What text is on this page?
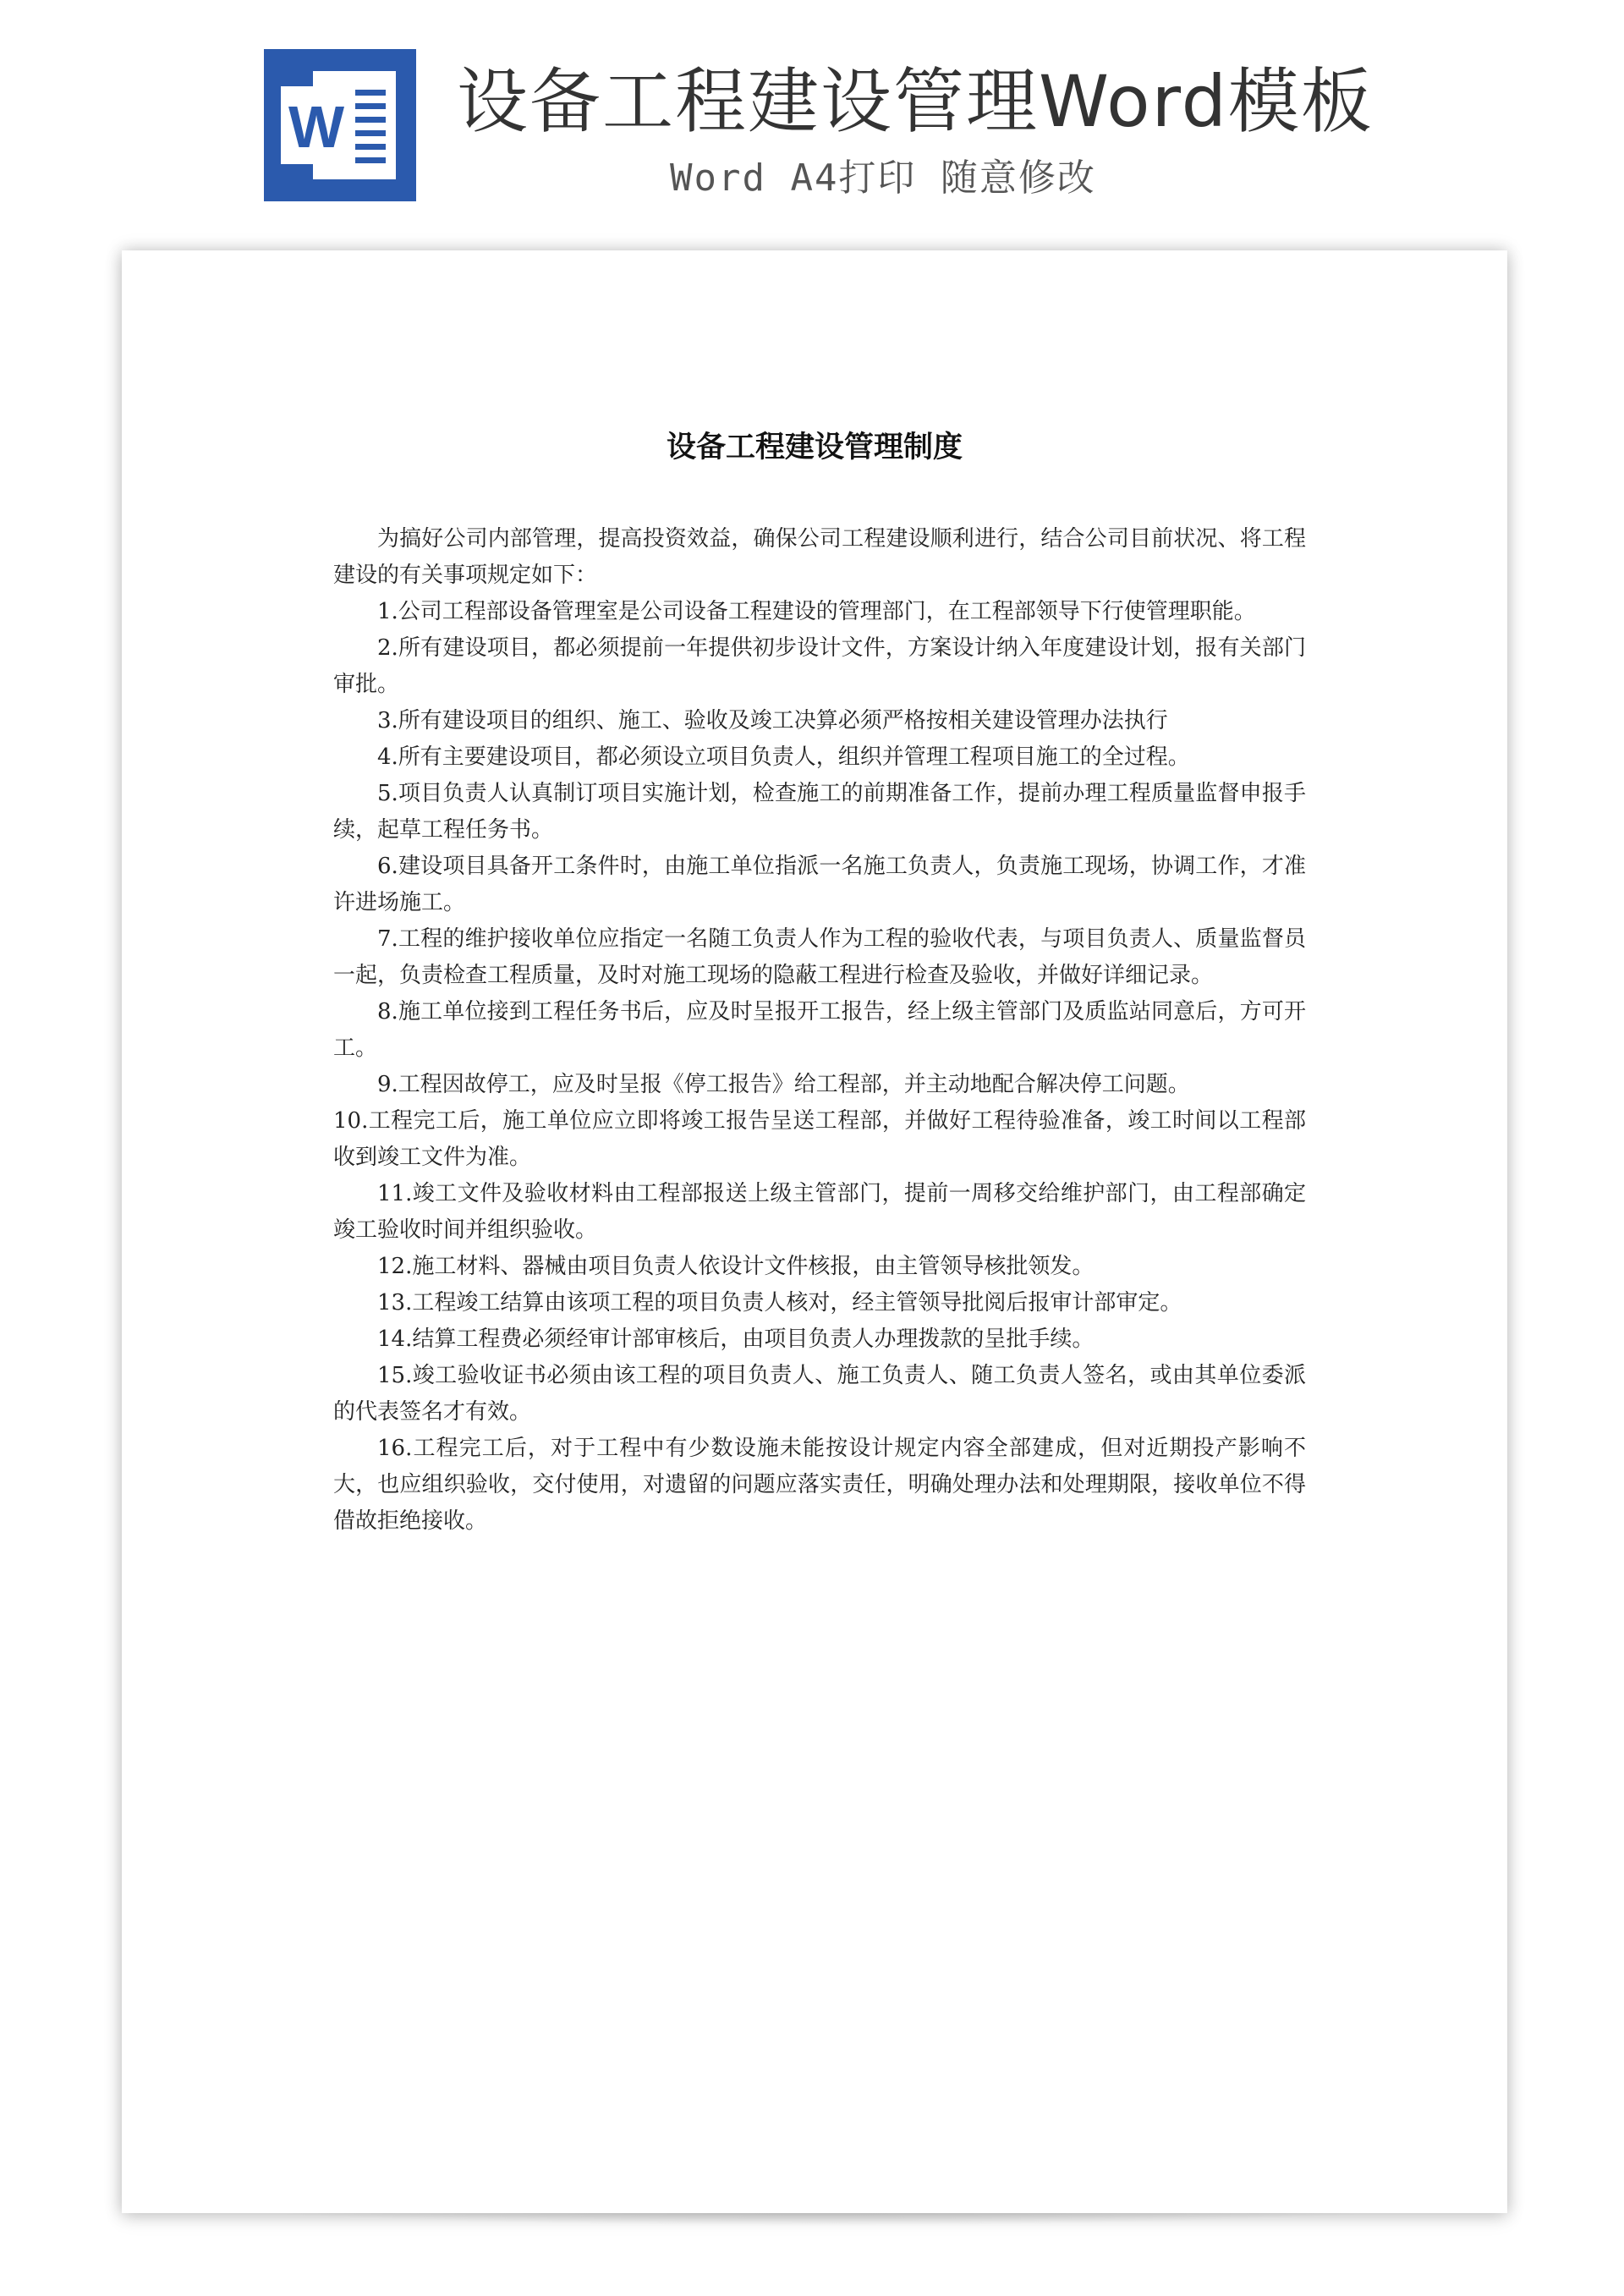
W 设备工程建设管理Word模板
Word A4打印 随意修改
设备工程建设管理制度

为搞好公司内部管理，提高投资效益，确保公司工程建设顺利进行，结合公司目前状况、将工程建设的有关事项规定如下：

1.公司工程部设备管理室是公司设备工程建设的管理部门，在工程部领导下行使管理职能。

2.所有建设项目，都必须提前一年提供初步设计文件，方案设计纳入年度建设计划，报有关部门审批。

3.所有建设项目的组织、施工、验收及竣工决算必须严格按相关建设管理办法执行

4.所有主要建设项目，都必须设立项目负责人，组织并管理工程项目施工的全过程。

5.项目负责人认真制订项目实施计划，检查施工的前期准备工作，提前办理工程质量监督申报手续，起草工程任务书。

6.建设项目具备开工条件时，由施工单位指派一名施工负责人，负责施工现场，协调工作，才准许进场施工。

7.工程的维护接收单位应指定一名随工负责人作为工程的验收代表，与项目负责人、质量监督员一起，负责检查工程质量，及时对施工现场的隐蔽工程进行检查及验收，并做好详细记录。

8.施工单位接到工程任务书后，应及时呈报开工报告，经上级主管部门及质监站同意后，方可开工。

9.工程因故停工，应及时呈报《停工报告》给工程部，并主动地配合解决停工问题。

10.工程完工后，施工单位应立即将竣工报告呈送工程部，并做好工程待验准备，竣工时间以工程部收到竣工文件为准。

11.竣工文件及验收材料由工程部报送上级主管部门，提前一周移交给维护部门，由工程部确定竣工验收时间并组织验收。

12.施工材料、器械由项目负责人依设计文件核报，由主管领导核批领发。

13.工程竣工结算由该项工程的项目负责人核对，经主管领导批阅后报审计部审定。

14.结算工程费必须经审计部审核后，由项目负责人办理拨款的呈批手续。

15.竣工验收证书必须由该工程的项目负责人、施工负责人、随工负责人签名，或由其单位委派的代表签名才有效。

16.工程完工后，对于工程中有少数设施未能按设计规定内容全部建成，但对近期投产影响不大，也应组织验收，交付使用，对遗留的问题应落实责任，明确处理办法和处理期限，接收单位不得借故拒绝接收。
